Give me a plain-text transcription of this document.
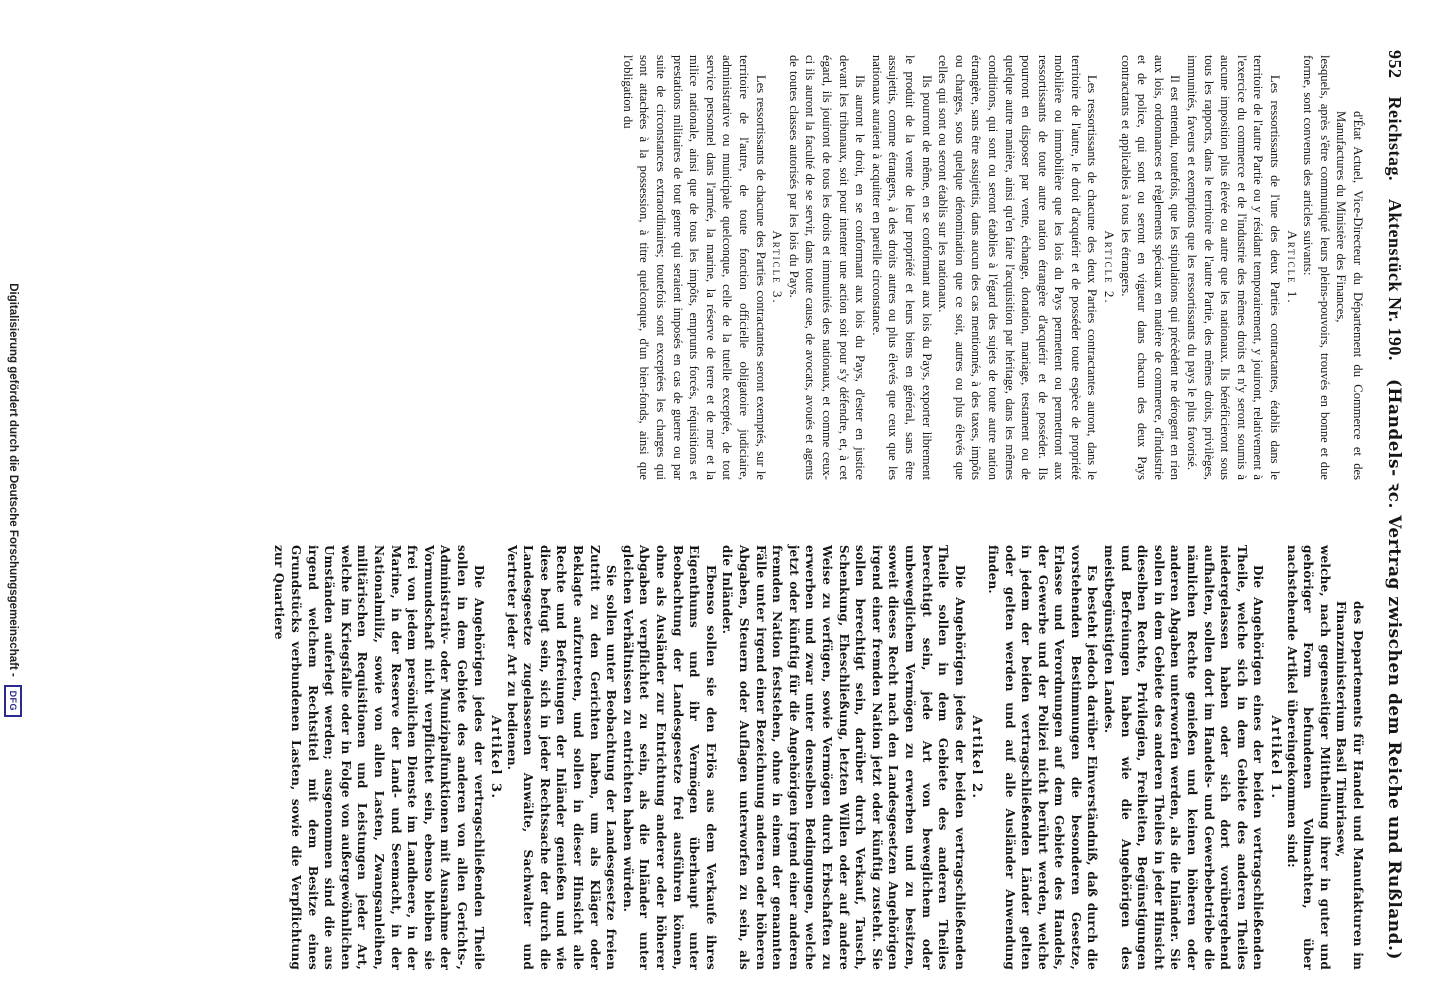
952
Reichstag.
Aktenstück Nr. 190.
(Handels- ꝛc. Vertrag zwischen dem Reiche und Rußland.)

d'État Actuel, Vice-Directeur du Département du Commerce et des Manufactures du Ministère des Finances,

lesquels, après s'être communiqué leurs pleins-pouvoirs, trouvés en bonne et due forme, sont convenus des articles suivants:

Article 1.

Les ressortissants de l'une des deux Parties contractantes, établis dans le territoire de l'autre Partie ou y résidant temporairement, y jouiront, relativement à l'exercice du commerce et de l'industrie des mêmes droits et n'y seront soumis à aucune imposition plus élevée ou autre que les nationaux. Ils bénéficieront sous tous les rapports, dans le territoire de l'autre Partie, des mêmes droits, privilèges, immunités, faveurs et exemptions que les ressortissants du pays le plus favorisé.

Il est entendu, toutefois, que les stipulations qui précèdent ne dérogent en rien aux lois, ordonnances et règlements spéciaux en matière de commerce, d'industrie et de police, qui sont ou seront en vigueur dans chacun des deux Pays contractants et applicables à tous les étrangers.

Article 2.

Les ressortissants de chacune des deux Parties contractantes auront, dans le territoire de l'autre, le droit d'acquérir et de posséder toute espèce de propriété mobilière ou immobilière que les lois du Pays permettent ou permettront aux ressortissants de toute autre nation étrangère d'acquérir et de posséder. Ils pourront en disposer par vente, échange, donation, mariage, testament ou de quelque autre manière, ainsi qu'en faire l'acquisition par héritage, dans les mêmes conditions, qui sont ou seront établies à l'égard des sujets de toute autre nation étrangère, sans être assujettis, dans aucun des cas mentionnés, à des taxes, impôts ou charges, sous quelque dénomination que ce soit, autres ou plus élevés que celles qui sont ou seront établis sur les nationaux.

Ils pourront de même, en se conformant aux lois du Pays, exporter librement le produit de la vente de leur propriété et leurs biens en général, sans être assujettis, comme étrangers, à des droits autres ou plus élevés que ceux que les nationaux auraient à acquitter en pareille circonstance.

Ils auront le droit, en se conformant aux lois du Pays, d'ester en justice devant les tribunaux, soit pour intenter une action soit pour s'y défendre, et, à cet égard, ils jouiront de tous les droits et immunités des nationaux, et comme ceux-ci ils auront la faculté de se servir, dans toute cause, de avocats, avoués et agents de toutes classes autorisés par les lois du Pays.

Article 3.

Les ressortissants de chacune des Parties contractantes seront exemptés, sur le territoire de l'autre, de toute fonction officielle obligatoire judiciaire, administrative ou municipale quelconque, celle de la tutelle exceptée, de tout service personnel dans l'armée, la marine, la réserve de terre et de mer et la milice nationale, ainsi que de tous les impôts, emprunts forcés, réquisitions et prestations militaires de tout genre qui seraient imposés en cas de guerre ou par suite de circonstances extraordinaires; toutefois sont exceptées les charges qui sont attachées à la possession, à titre quelconque, d'un bien-fonds, ainsi que l'obligation du

des Departements für Handel und Manufakturen im Finanzministerium Basil Timiriasew,

welche, nach gegenseitiger Mittheilung ihrer in guter und gehöriger Form befundenen Vollmachten, über nachstehende Artikel übereingekommen sind:

Artikel 1.

Die Angehörigen eines der beiden vertragschließenden Theile, welche sich in dem Gebiete des anderen Theiles niedergelassen haben oder sich dort vorübergehend aufhalten, sollen dort im Handels- und Gewerbebetriebe die nämlichen Rechte genießen und keinen höheren oder anderen Abgaben unterworfen werden, als die Inländer. Sie sollen in dem Gebiete des anderen Theiles in jeder Hinsicht dieselben Rechte, Privilegien, Freiheiten, Begünstigungen und Befreiungen haben wie die Angehörigen des meistbegünstigten Landes.

Es besteht jedoch darüber Einverständniß, daß durch die vorstehenden Bestimmungen die besonderen Gesetze, Erlasse und Verordnungen auf dem Gebiete des Handels, der Gewerbe und der Polizei nicht berührt werden, welche in jedem der beiden vertragschließenden Länder gelten oder gelten werden und auf alle Ausländer Anwendung finden.

Artikel 2.

Die Angehörigen jedes der beiden vertragschließenden Theile sollen in dem Gebiete des anderen Theiles berechtigt sein, jede Art von beweglichem oder unbeweglichem Vermögen zu erwerben und zu besitzen, soweit dieses Recht nach den Landesgesetzen Angehörigen irgend einer fremden Nation jetzt oder künftig zusteht. Sie sollen berechtigt sein, darüber durch Verkauf, Tausch, Schenkung, Eheschließung, letzten Willen oder auf andere Weise zu verfügen, sowie Vermögen durch Erbschaften zu erwerben und zwar unter denselben Bedingungen, welche jetzt oder künftig für die Angehörigen irgend einer anderen fremden Nation feststehen, ohne in einem der genannten Fälle unter irgend einer Bezeichnung anderen oder höheren Abgaben, Steuern oder Auflagen unterworfen zu sein, als die Inländer.

Ebenso sollen sie den Erlös aus dem Verkaufe ihres Eigenthums und ihr Vermögen überhaupt unter Beobachtung der Landesgesetze frei ausführen können, ohne als Ausländer zur Entrichtung anderer oder höherer Abgaben verpflichtet zu sein, als die Inländer unter gleichen Verhältnissen zu entrichten haben würden.

Sie sollen unter Beobachtung der Landesgesetze freien Zutritt zu den Gerichten haben, um als Kläger oder Beklagte aufzutreten, und sollen in dieser Hinsicht alle Rechte und Befreiungen der Inländer genießen und wie diese befugt sein, sich in jeder Rechtssache der durch die Landesgesetze zugelassenen Anwälte, Sachwalter und Vertreter jeder Art zu bedienen.

Artikel 3.

Die Angehörigen jedes der vertragschließenden Theile sollen in dem Gebiete des anderen von allen Gerichts-, Administrativ- oder Munizipalfunktionen mit Ausnahme der Vormundschaft nicht verpflichtet sein, ebenso bleiben sie frei von jedem persönlichen Dienste im Landheere, in der Marine, in der Reserve der Land- und Seemacht, in der Nationalmiliz, sowie von allen Lasten, Zwangsanleihen, militärischen Requisitionen und Leistungen jeder Art, welche im Kriegsfalle oder in Folge von außergewöhnlichen Umständen auferlegt werden; ausgenommen sind die aus irgend welchem Rechtstitel mit dem Besitze eines Grundstücks verbundenen Lasten, sowie die Verpflichtung zur Quartiere

Digitalisierung gefördert durch die Deutsche Forschungsgemeinschaft -
DFG
